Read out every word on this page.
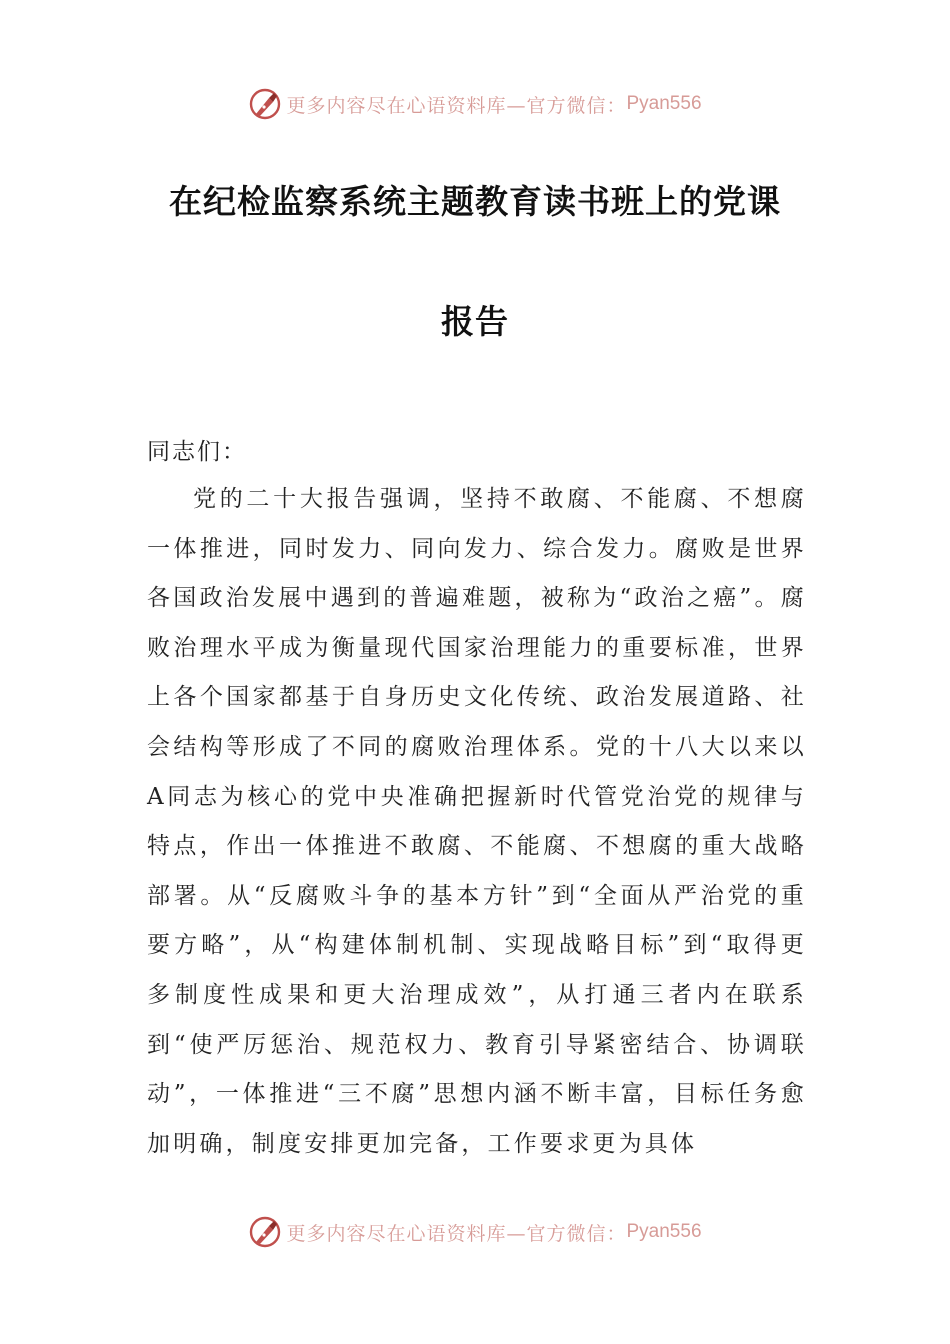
更多内容尽在心语资料库—官方微信： Pyan556
在纪检监察系统主题教育读书班上的党课
报告
同志们：

党的二十大报告强调，坚持不敢腐、不能腐、不想腐一体推进，同时发力、同向发力、综合发力。腐败是世界各国政治发展中遇到的普遍难题，被称为“政治之癌”。腐败治理水平成为衡量现代国家治理能力的重要标准，世界上各个国家都基于自身历史文化传统、政治发展道路、社会结构等形成了不同的腐败治理体系。党的十八大以来以A同志为核心的党中央准确把握新时代管党治党的规律与特点，作出一体推进不敢腐、不能腐、不想腐的重大战略部署。从“反腐败斗争的基本方针”到“全面从严治党的重要方略”，从“构建体制机制、实现战略目标”到“取得更多制度性成果和更大治理成效”，从打通三者内在联系到“使严厉惩治、规范权力、教育引导紧密结合、协调联动”，一体推进“三不腐”思想内涵不断丰富，目标任务愈加明确，制度安排更加完备，工作要求更为具体

更多内容尽在心语资料库—官方微信： Pyan556
